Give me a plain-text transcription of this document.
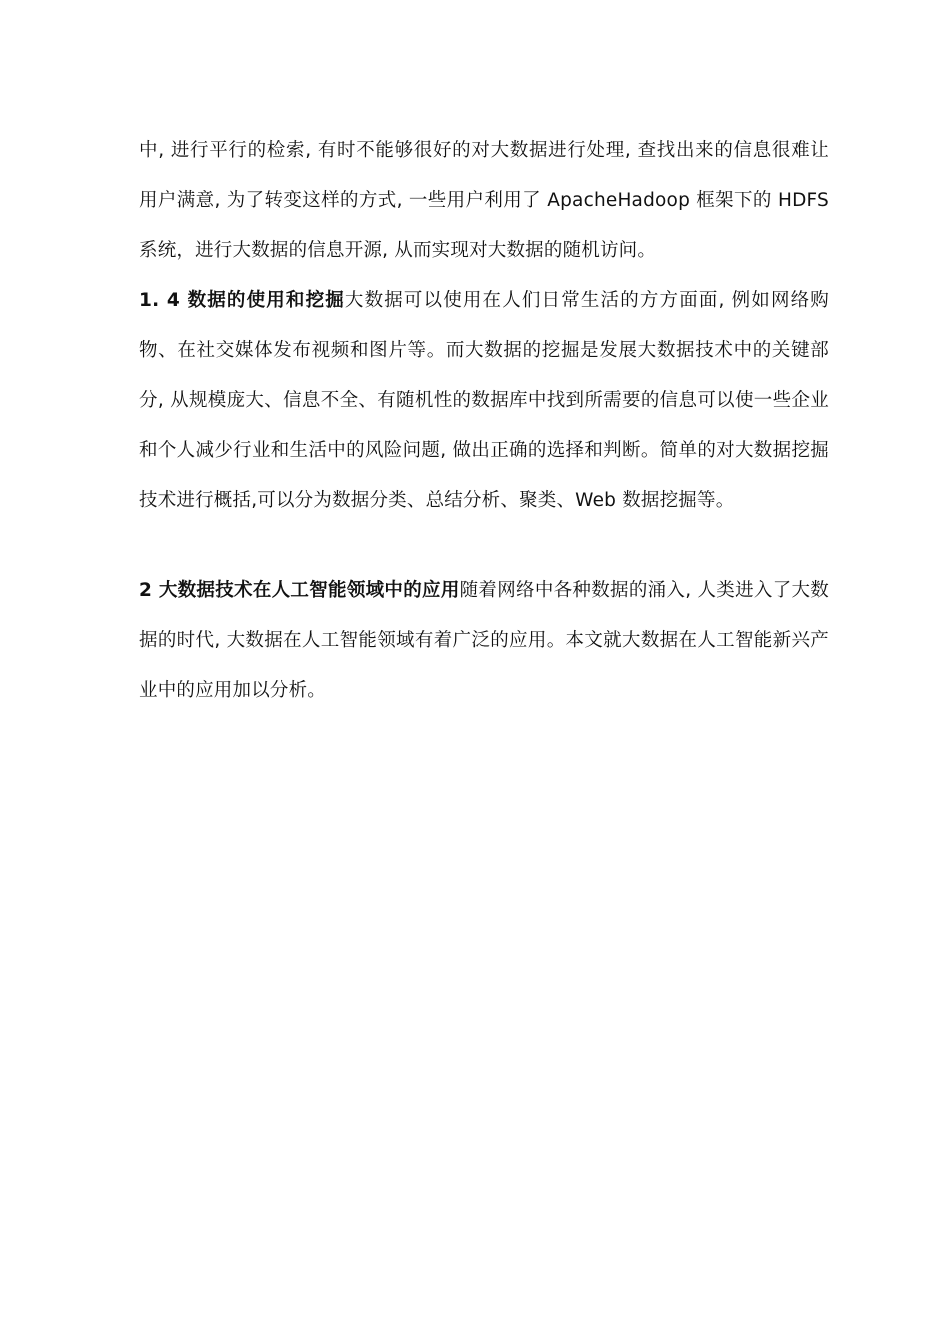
中, 进行平行的检索, 有时不能够很好的对大数据进行处理, 查找出来的信息很难让用户满意, 为了转变这样的方式, 一些用户利用了 ApacheHadoop 框架下的 HDFS 系统，进行大数据的信息开源, 从而实现对大数据的随机访问。

1. 4 数据的使用和挖掘大数据可以使用在人们日常生活的方方面面, 例如网络购物、在社交媒体发布视频和图片等。而大数据的挖掘是发展大数据技术中的关键部分, 从规模庞大、信息不全、有随机性的数据库中找到所需要的信息可以使一些企业和个人减少行业和生活中的风险问题, 做出正确的选择和判断。简单的对大数据挖掘技术进行概括,可以分为数据分类、总结分析、聚类、Web 数据挖掘等。

2 大数据技术在人工智能领域中的应用随着网络中各种数据的涌入, 人类进入了大数据的时代, 大数据在人工智能领域有着广泛的应用。本文就大数据在人工智能新兴产业中的应用加以分析。
